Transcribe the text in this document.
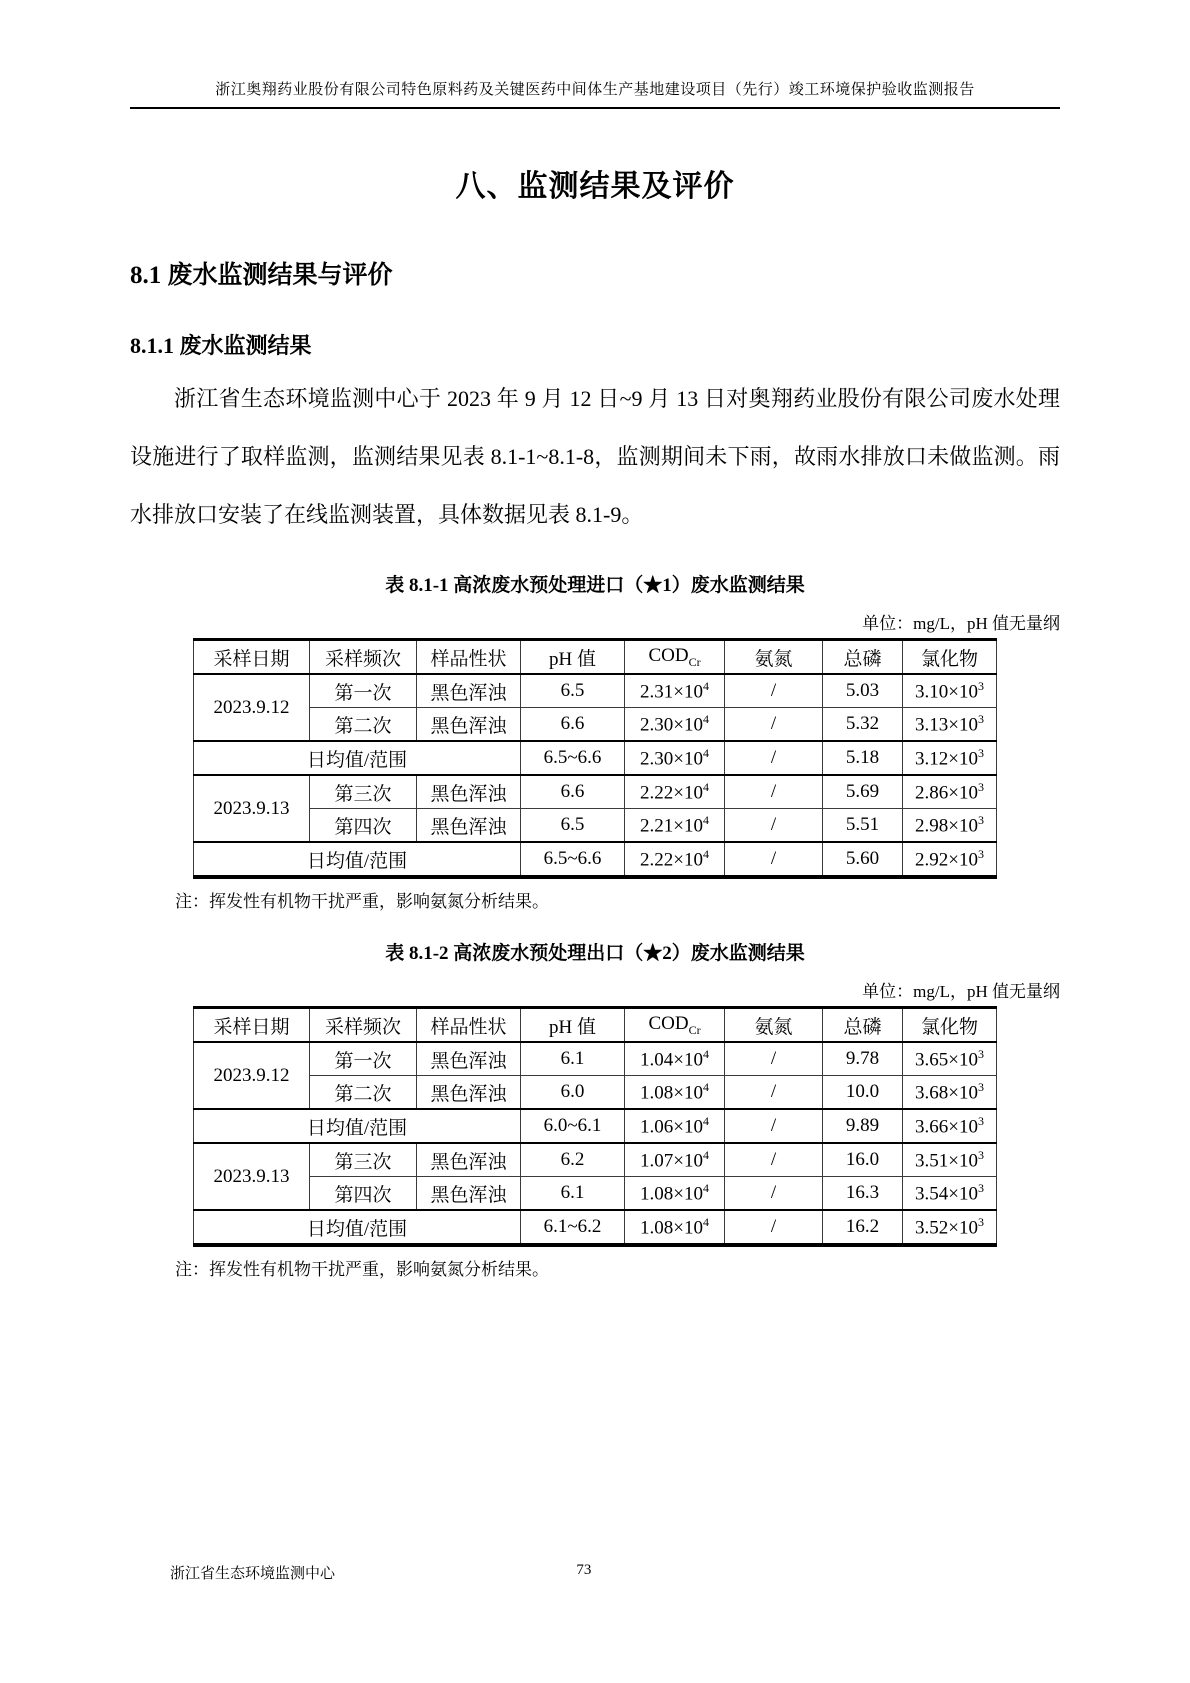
浙江奥翔药业股份有限公司特色原料药及关键医药中间体生产基地建设项目（先行）竣工环境保护验收监测报告
八、监测结果及评价
8.1 废水监测结果与评价
8.1.1 废水监测结果
浙江省生态环境监测中心于 2023 年 9 月 12 日~9 月 13 日对奥翔药业股份有限公司废水处理设施进行了取样监测，监测结果见表 8.1-1~8.1-8，监测期间未下雨，故雨水排放口未做监测。雨水排放口安装了在线监测装置，具体数据见表 8.1-9。
表 8.1-1 高浓废水预处理进口（★1）废水监测结果
单位：mg/L，pH 值无量纲
采样日期	采样频次	样品性状	pH 值	$COD_{Cr}$	氨氮	总磷	氯化物
2023.9.12	第一次	黑色浑浊	6.5	$2.31\times 10^4$	/	5.03	$3.10\times 10^3$
	第二次	黑色浑浊	6.6	$2.30\times 10^4$	/	5.32	$3.13\times 10^3$
日均值/范围			6.5~6.6	$2.30\times 10^4$	/	5.18	$3.12\times 10^3$
2023.9.13	第三次	黑色浑浊	6.6	$2.22\times 10^4$	/	5.69	$2.86\times 10^3$
	第四次	黑色浑浊	6.5	$2.21\times 10^4$	/	5.51	$2.98\times 10^3$
日均值/范围			6.5~6.6	$2.22\times 10^4$	/	5.60	$2.92\times 10^3$
注：挥发性有机物干扰严重，影响氨氮分析结果。
表 8.1-2 高浓废水预处理出口（★2）废水监测结果
单位：mg/L，pH 值无量纲
采样日期	采样频次	样品性状	pH 值	$COD_{Cr}$	氨氮	总磷	氯化物
2023.9.12	第一次	黑色浑浊	6.1	$1.04\times 10^4$	/	9.78	$3.65\times 10^3$
	第二次	黑色浑浊	6.0	$1.08\times 10^4$	/	10.0	$3.68\times 10^3$
日均值/范围			6.0~6.1	$1.06\times 10^4$	/	9.89	$3.66\times 10^3$
2023.9.13	第三次	黑色浑浊	6.2	$1.07\times 10^4$	/	16.0	$3.51\times 10^3$
	第四次	黑色浑浊	6.1	$1.08\times 10^4$	/	16.3	$3.54\times 10^3$
日均值/范围			6.1~6.2	$1.08\times 10^4$	/	16.2	$3.52\times 10^3$
注：挥发性有机物干扰严重，影响氨氮分析结果。
浙江省生态环境监测中心	73
